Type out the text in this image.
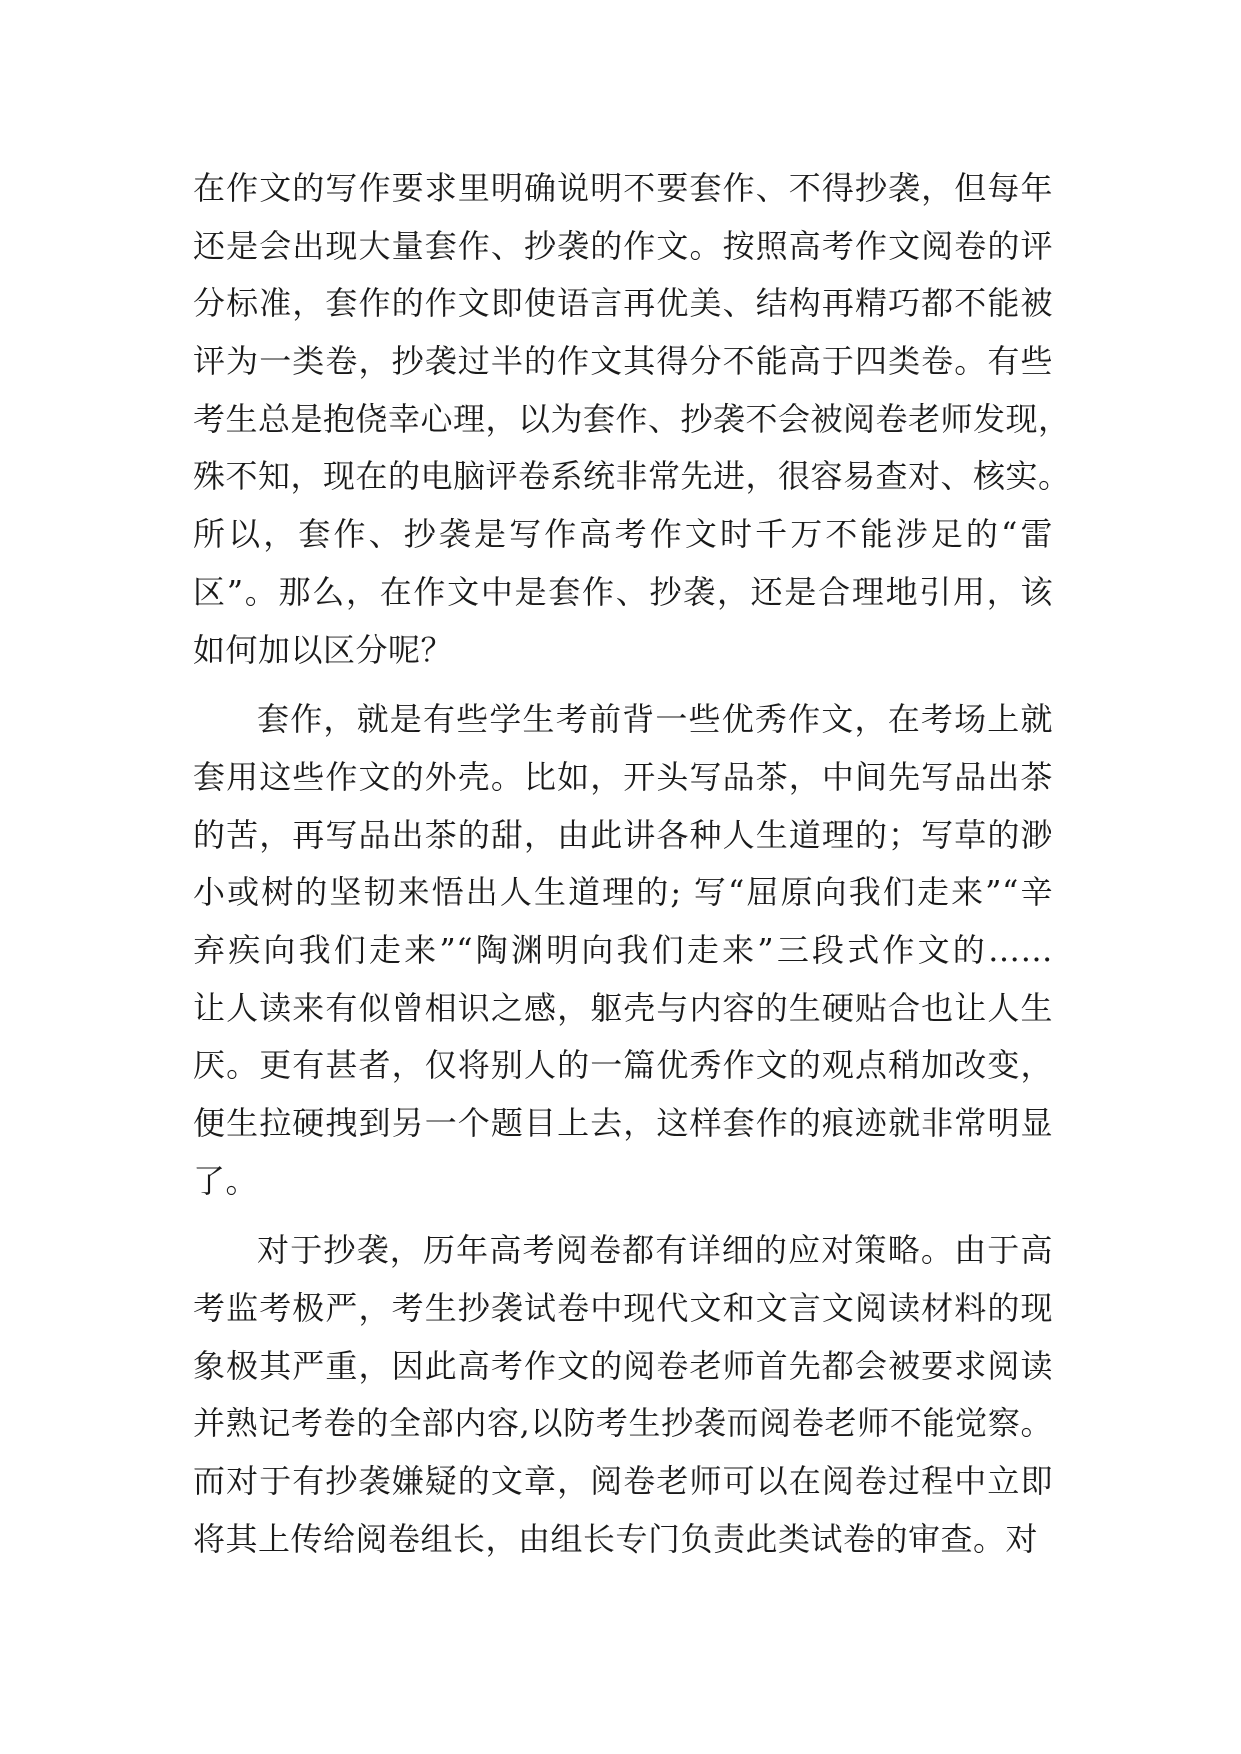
在作文的写作要求里明确说明不要套作、不得抄袭，但每年
还是会出现大量套作、抄袭的作文。按照高考作文阅卷的评
分标准，套作的作文即使语言再优美、结构再精巧都不能被
评为一类卷，抄袭过半的作文其得分不能高于四类卷。有些
考生总是抱侥幸心理，以为套作、抄袭不会被阅卷老师发现，
殊不知，现在的电脑评卷系统非常先进，很容易查对、核实。
所以，套作、抄袭是写作高考作文时千万不能涉足的“雷
区”。那么，在作文中是套作、抄袭，还是合理地引用，该
如何加以区分呢？
套作，就是有些学生考前背一些优秀作文，在考场上就
套用这些作文的外壳。比如，开头写品茶，中间先写品出茶
的苦，再写品出茶的甜，由此讲各种人生道理的；写草的渺
小或树的坚韧来悟出人生道理的; 写“屈原向我们走来”“辛
弃疾向我们走来”“陶渊明向我们走来”三段式作文的……
让人读来有似曾相识之感，躯壳与内容的生硬贴合也让人生
厌。更有甚者，仅将别人的一篇优秀作文的观点稍加改变，
便生拉硬拽到另一个题目上去，这样套作的痕迹就非常明显
了。
对于抄袭，历年高考阅卷都有详细的应对策略。由于高
考监考极严，考生抄袭试卷中现代文和文言文阅读材料的现
象极其严重，因此高考作文的阅卷老师首先都会被要求阅读
并熟记考卷的全部内容,以防考生抄袭而阅卷老师不能觉察。
而对于有抄袭嫌疑的文章，阅卷老师可以在阅卷过程中立即
将其上传给阅卷组长，由组长专门负责此类试卷的审查。对
